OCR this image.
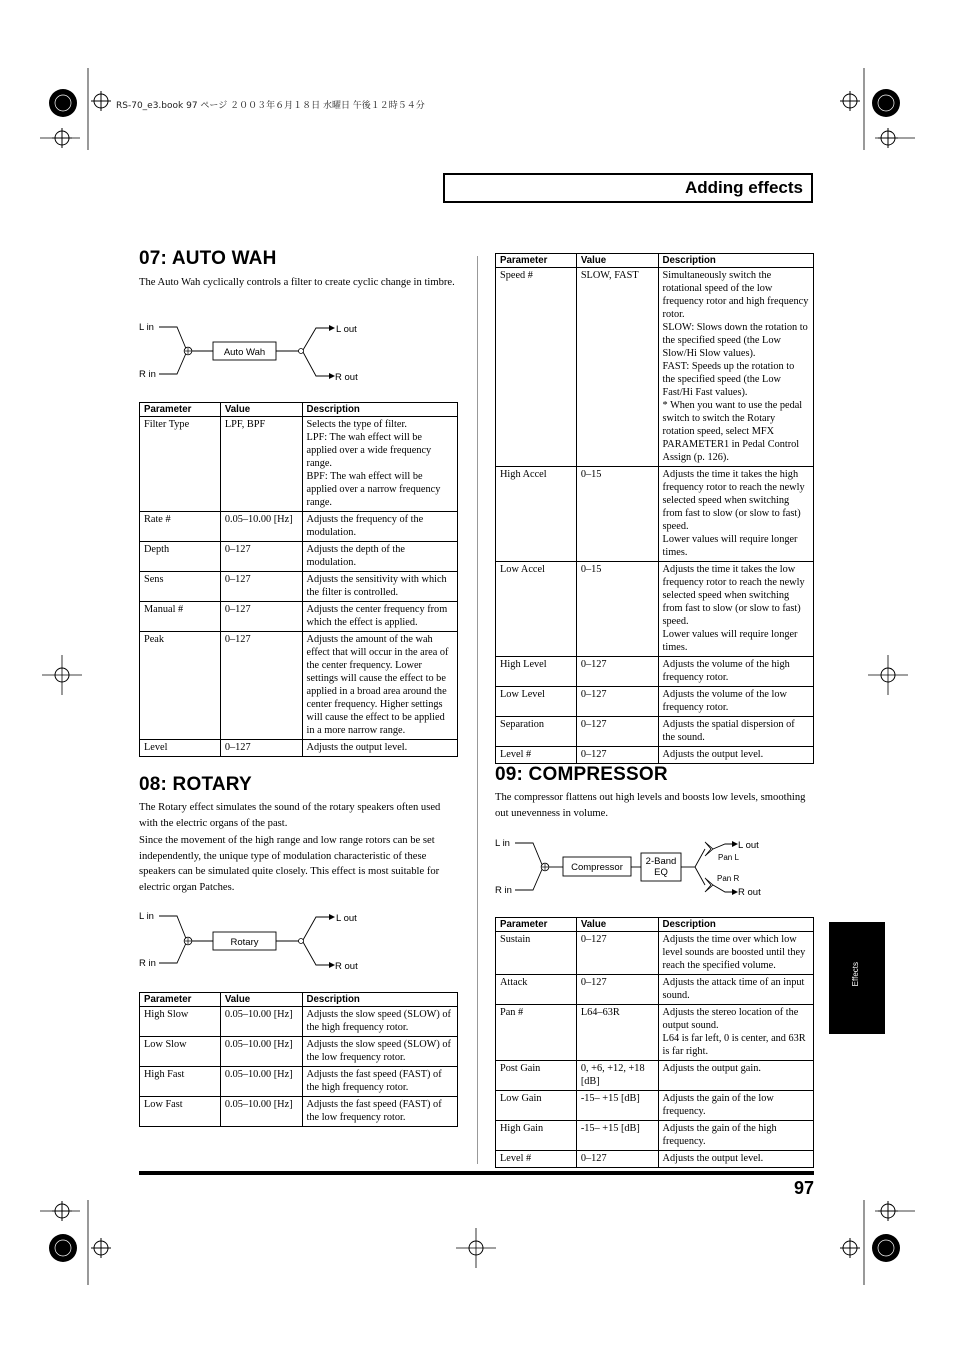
RS-70_e3.book 97 ページ ２００３年６月１８日 水曜日 午後１２時５４分
Adding effects
07: AUTO WAH
The Auto Wah cyclically controls a filter to create cyclic change in timbre.
L in
R in
Auto Wah
L out
R out
Parameter	Value	Description
Filter Type	LPF, BPF	Selects the type of filter.
LPF: The wah effect will be applied over a wide frequency range.
BPF: The wah effect will be applied over a narrow frequency range.
Rate #	0.05–10.00 [Hz]	Adjusts the frequency of the modulation.
Depth	0–127	Adjusts the depth of the modulation.
Sens	0–127	Adjusts the sensitivity with which the filter is controlled.
Manual #	0–127	Adjusts the center frequency from which the effect is applied.
Peak	0–127	Adjusts the amount of the wah effect that will occur in the area of the center frequency. Lower settings will cause the effect to be applied in a broad area around the center frequency. Higher settings will cause the effect to be applied in a more narrow range.
Level	0–127	Adjusts the output level.
08: ROTARY
The Rotary effect simulates the sound of the rotary speakers often used with the electric organs of the past.
Since the movement of the high range and low range rotors can be set independently, the unique type of modulation characteristic of these speakers can be simulated quite closely. This effect is most suitable for electric organ Patches.
L in
R in
Rotary
L out
R out
Parameter	Value	Description
High Slow	0.05–10.00 [Hz]	Adjusts the slow speed (SLOW) of the high frequency rotor.
Low Slow	0.05–10.00 [Hz]	Adjusts the slow speed (SLOW) of the low frequency rotor.
High Fast	0.05–10.00 [Hz]	Adjusts the fast speed (FAST) of the high frequency rotor.
Low Fast	0.05–10.00 [Hz]	Adjusts the fast speed (FAST) of the low frequency rotor.
Parameter	Value	Description
Speed #	SLOW, FAST	Simultaneously switch the rotational speed of the low frequency rotor and high frequency rotor.
SLOW: Slows down the rotation to the specified speed (the Low Slow/Hi Slow values).
FAST: Speeds up the rotation to the specified speed (the Low Fast/Hi Fast values).
* When you want to use the pedal switch to switch the Rotary rotation speed, select MFX PARAMETER1 in Pedal Control Assign (p. 126).
High Accel	0–15	Adjusts the time it takes the high frequency rotor to reach the newly selected speed when switching from fast to slow (or slow to fast) speed.
Lower values will require longer times.
Low Accel	0–15	Adjusts the time it takes the low frequency rotor to reach the newly selected speed when switching from fast to slow (or slow to fast) speed.
Lower values will require longer times.
High Level	0–127	Adjusts the volume of the high frequency rotor.
Low Level	0–127	Adjusts the volume of the low frequency rotor.
Separation	0–127	Adjusts the spatial dispersion of the sound.
Level #	0–127	Adjusts the output level.
09: COMPRESSOR
The compressor flattens out high levels and boosts low levels, smoothing out unevenness in volume.
L in
R in
Compressor
2-Band
EQ
Pan L
Pan R
L out
R out
Parameter	Value	Description
Sustain	0–127	Adjusts the time over which low level sounds are boosted until they reach the specified volume.
Attack	0–127	Adjusts the attack time of an input sound.
Pan #	L64–63R	Adjusts the stereo location of the output sound.
L64 is far left, 0 is center, and 63R is far right.
Post Gain	0, +6, +12, +18 [dB]	Adjusts the output gain.
Low Gain	-15– +15 [dB]	Adjusts the gain of the low frequency.
High Gain	-15– +15 [dB]	Adjusts the gain of the high frequency.
Level #	0–127	Adjusts the output level.
97
Effects
